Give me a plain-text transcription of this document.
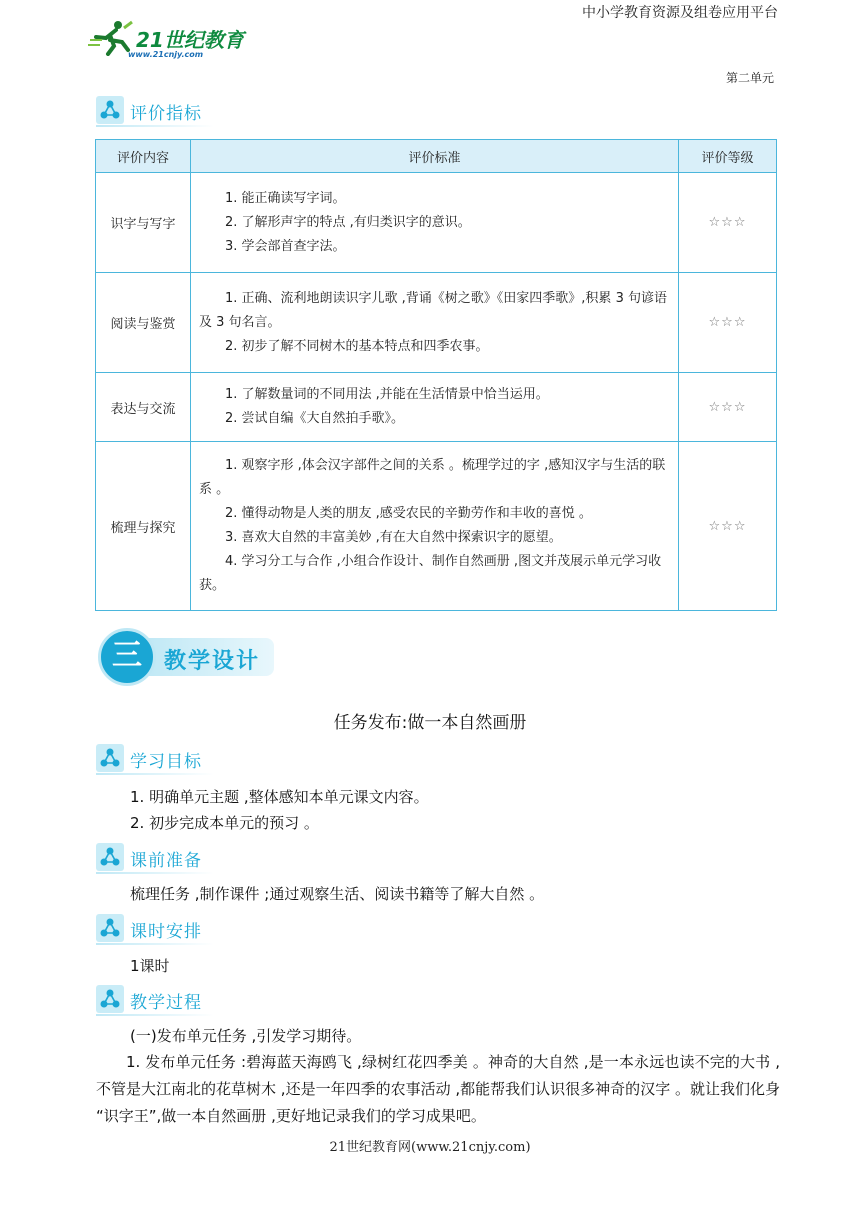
中小学教育资源及组卷应用平台
21世纪教育
www.21cnjy.com
第二单元
评价指标
评价内容	评价标准	评价等级
识字与写字	1. 能正确读写字词。

2. 了解形声字的特点 ,有归类识字的意识。

3. 学会部首查字法。	☆☆☆
阅读与鉴赏	1. 正确、流利地朗读识字儿歌 ,背诵《树之歌》《田家四季歌》,积累 3 句谚语及 3 句名言。

2. 初步了解不同树木的基本特点和四季农事。	☆☆☆
表达与交流	1. 了解数量词的不同用法 ,并能在生活情景中恰当运用。

2. 尝试自编《大自然拍手歌》。	☆☆☆
梳理与探究	1. 观察字形 ,体会汉字部件之间的关系 。梳理学过的字 ,感知汉字与生活的联系 。

2. 懂得动物是人类的朋友 ,感受农民的辛勤劳作和丰收的喜悦 。

3. 喜欢大自然的丰富美妙 ,有在大自然中探索识字的愿望。

4. 学习分工与合作 ,小组合作设计、制作自然画册 ,图文并茂展示单元学习收获。	☆☆☆
三	教学设计
任务发布:做一本自然画册
学习目标
1. 明确单元主题 ,整体感知本单元课文内容。
2. 初步完成本单元的预习 。
课前准备
梳理任务 ,制作课件 ;通过观察生活、阅读书籍等了解大自然 。
课时安排
1课时
教学过程
(一)发布单元任务 ,引发学习期待。
1. 发布单元任务 :碧海蓝天海鸥飞 ,绿树红花四季美 。神奇的大自然 ,是一本永远也读不完的大书 ,不管是大江南北的花草树木 ,还是一年四季的农事活动 ,都能帮我们认识很多神奇的汉字 。就让我们化身 “识字王”,做一本自然画册 ,更好地记录我们的学习成果吧。
21世纪教育网(www.21cnjy.com)
